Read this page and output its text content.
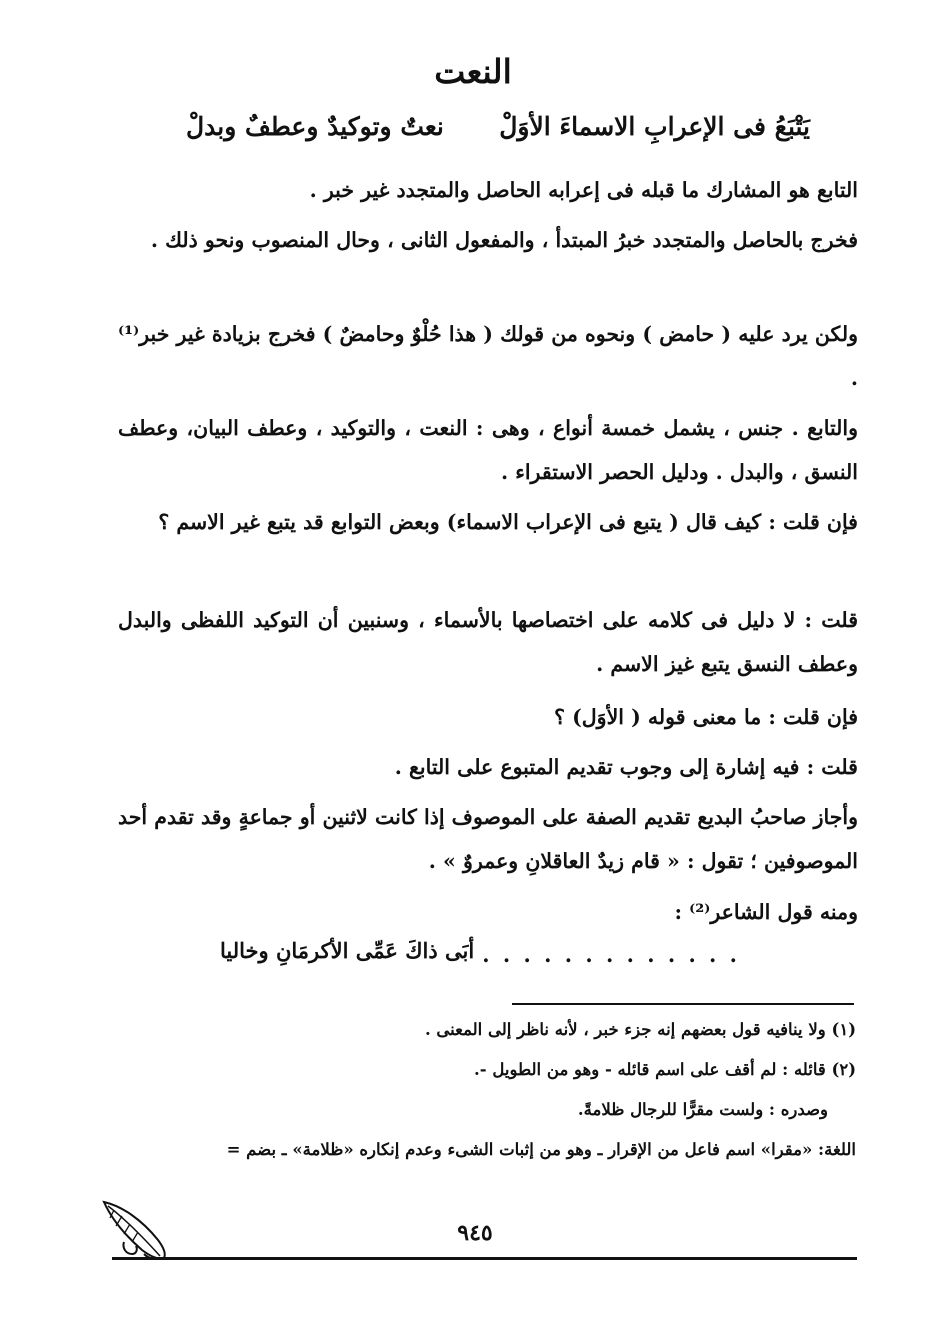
النعت
يَتْبَعُ فى الإعرابِ الاسماءَ الأوَلْ
نعتٌ وتوكيدٌ وعطفٌ وبدلْ
التابع هو المشارك ما قبله فى إعرابه الحاصل والمتجدد غير خبر .
فخرج بالحاصل والمتجدد خبرُ المبتدأ ، والمفعول الثانى ، وحال المنصوب ونحو ذلك .
ولكن يرد عليه ( حامض ) ونحوه من قولك ( هذا حُلْوٌ وحامضٌ ) فخرج بزيادة غير خبر⁽¹⁾ .
والتابع . جنس ، يشمل خمسة أنواع ، وهى : النعت ، والتوكيد ، وعطف البيان، وعطف النسق ، والبدل . ودليل الحصر الاستقراء .
فإن قلت : كيف قال ( يتبع فى الإعراب الاسماء) وبعض التوابع قد يتبع غير الاسم ؟
قلت : لا دليل فى كلامه على اختصاصها بالأسماء ، وسنبين أن التوكيد اللفظى والبدل وعطف النسق يتبع غيز الاسم .
فإن قلت : ما معنى قوله ( الأوَل) ؟
قلت : فيه إشارة إلى وجوب تقديم المتبوع على التابع .
وأجاز صاحبُ البديع تقديم الصفة على الموصوف إذا كانت لاثنين أو جماعةٍ وقد تقدم أحد الموصوفين ؛ تقول : « قام زيدٌ العاقلانِ وعمروٌ » .
ومنه قول الشاعر⁽²⁾ :
. . . . . . . . . . . . .
أبَى ذاكَ عَمِّى الأكرمَانِ وخاليا
(١) ولا ينافيه قول بعضهم إنه جزء خبر ، لأنه ناظر إلى المعنى .
(٢) قائله : لم أقف على اسم قائله - وهو من الطويل -.
وصدره : ولست مقرًّا للرجال ظلامةً.
اللغة: «مقرا» اسم فاعل من الإقرار ـ وهو من إثبات الشىء وعدم إنكاره «ظلامة» ـ بضم =
٩٤٥
